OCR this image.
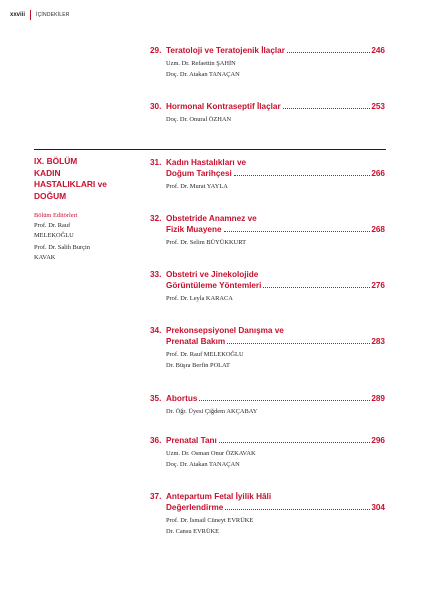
xxviii İÇİNDEKİLER
29. Teratoloji ve Teratojenik İlaçlar	246
Uzm. Dr. Refaettin ŞAHİN
Doç. Dr. Atakan TANAÇAN
30. Hormonal Kontraseptif İlaçlar	253
Doç. Dr. Onural ÖZHAN
IX. BÖLÜM
KADIN
HASTALIKLARI ve
DOĞUM
Bölüm Editörleri
Prof. Dr. Rauf
MELEKOĞLU
Prof. Dr. Salih Burçin
KAVAK
31. Kadın Hastalıkları ve
Doğum Tarihçesi	266
Prof. Dr. Murat YAYLA
32. Obstetride Anamnez ve
Fizik Muayene	268
Prof. Dr. Selim BÜYÜKKURT
33. Obstetri ve Jinekolojide
Görüntüleme Yöntemleri	276
Prof. Dr. Leyla KARACA
34. Prekonsepsiyonel Danışma ve
Prenatal Bakım	283
Prof. Dr. Rauf MELEKOĞLU
Dr. Büşra Berfin POLAT
35. Abortus	289
Dr. Öğr. Üyesi Çiğdem AKÇABAY
36. Prenatal Tanı	296
Uzm. Dr. Osman Onur ÖZKAVAK
Doç. Dr. Atakan TANAÇAN
37. Antepartum Fetal İyilik Hâli
Değerlendirme	304
Prof. Dr. İsmail Cüneyt EVRÜKE
Dr. Cansu EVRÜKE
